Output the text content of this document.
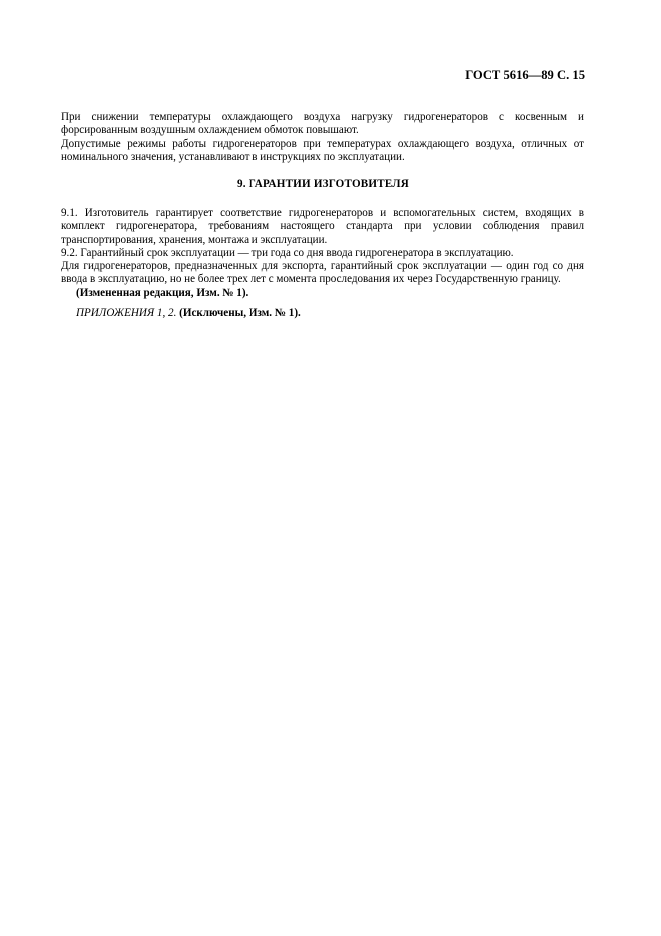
ГОСТ 5616—89 С. 15

При снижении температуры охлаждающего воздуха нагрузку гидрогенераторов с косвенным и форсированным воздушным охлаждением обмоток повышают.

Допустимые режимы работы гидрогенераторов при температурах охлаждающего воздуха, отличных от номинального значения, устанавливают в инструкциях по эксплуатации.

9. ГАРАНТИИ ИЗГОТОВИТЕЛЯ

9.1. Изготовитель гарантирует соответствие гидрогенераторов и вспомогательных систем, входящих в комплект гидрогенератора, требованиям настоящего стандарта при условии соблюдения правил транспортирования, хранения, монтажа и эксплуатации.

9.2. Гарантийный срок эксплуатации — три года со дня ввода гидрогенератора в эксплуатацию.

Для гидрогенераторов, предназначенных для экспорта, гарантийный срок эксплуатации — один год со дня ввода в эксплуатацию, но не более трех лет с момента проследования их через Государственную границу.

(Измененная редакция, Изм. № 1).

ПРИЛОЖЕНИЯ 1, 2. (Исключены, Изм. № 1).
